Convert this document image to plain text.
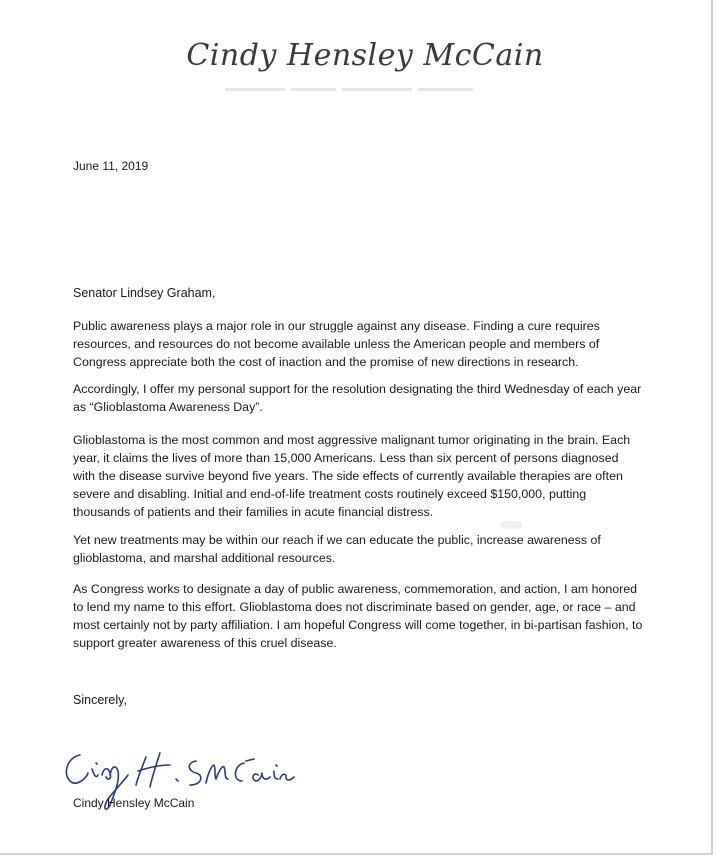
Cindy Hensley McCain
June 11, 2019
Senator Lindsey Graham,

Public awareness plays a major role in our struggle against any disease. Finding a cure requires resources, and resources do not become available unless the American people and members of Congress appreciate both the cost of inaction and the promise of new directions in research.

Accordingly, I offer my personal support for the resolution designating the third Wednesday of each year as “Glioblastoma Awareness Day”.

Glioblastoma is the most common and most aggressive malignant tumor originating in the brain. Each year, it claims the lives of more than 15,000 Americans. Less than six percent of persons diagnosed with the disease survive beyond five years. The side effects of currently available therapies are often severe and disabling. Initial and end-of-life treatment costs routinely exceed $150,000, putting thousands of patients and their families in acute financial distress.

Yet new treatments may be within our reach if we can educate the public, increase awareness of glioblastoma, and marshal additional resources.

As Congress works to designate a day of public awareness, commemoration, and action, I am honored to lend my name to this effort. Glioblastoma does not discriminate based on gender, age, or race – and most certainly not by party affiliation. I am hopeful Congress will come together, in bi-partisan fashion, to support greater awareness of this cruel disease.

Sincerely,
Cindy Hensley McCain
